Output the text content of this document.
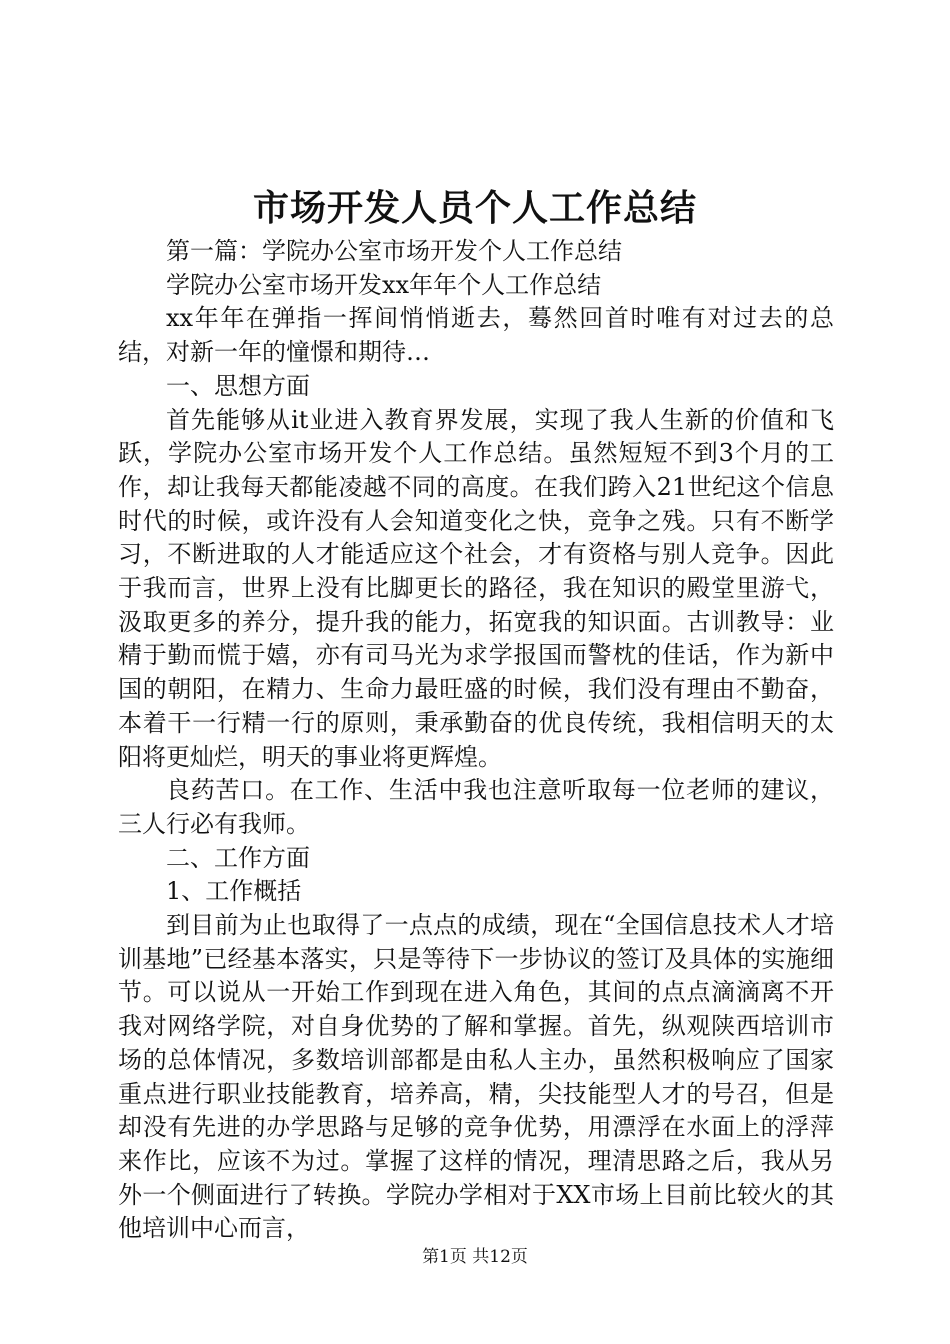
市场开发人员个人工作总结

第一篇：学院办公室市场开发个人工作总结

学院办公室市场开发xx年年个人工作总结

xx年年在弹指一挥间悄悄逝去，蓦然回首时唯有对过去的总结，对新一年的憧憬和期待…

一、思想方面

首先能够从it业进入教育界发展，实现了我人生新的价值和飞跃，学院办公室市场开发个人工作总结。虽然短短不到3个月的工作，却让我每天都能凌越不同的高度。在我们跨入21世纪这个信息时代的时候，或许没有人会知道变化之快，竞争之残。只有不断学习，不断进取的人才能适应这个社会，才有资格与别人竞争。因此于我而言，世界上没有比脚更长的路径，我在知识的殿堂里游弋，汲取更多的养分，提升我的能力，拓宽我的知识面。古训教导：业精于勤而慌于嬉，亦有司马光为求学报国而警枕的佳话，作为新中国的朝阳，在精力、生命力最旺盛的时候，我们没有理由不勤奋，本着干一行精一行的原则，秉承勤奋的优良传统，我相信明天的太阳将更灿烂，明天的事业将更辉煌。

良药苦口。在工作、生活中我也注意听取每一位老师的建议，三人行必有我师。

二、工作方面

1、工作概括

到目前为止也取得了一点点的成绩，现在“全国信息技术人才培训基地”已经基本落实，只是等待下一步协议的签订及具体的实施细节。可以说从一开始工作到现在进入角色，其间的点点滴滴离不开我对网络学院，对自身优势的了解和掌握。首先，纵观陕西培训市场的总体情况，多数培训部都是由私人主办，虽然积极响应了国家重点进行职业技能教育，培养高，精，尖技能型人才的号召，但是却没有先进的办学思路与足够的竞争优势，用漂浮在水面上的浮萍来作比，应该不为过。掌握了这样的情况，理清思路之后，我从另外一个侧面进行了转换。学院办学相对于XX市场上目前比较火的其他培训中心而言，

第1页 共12页
